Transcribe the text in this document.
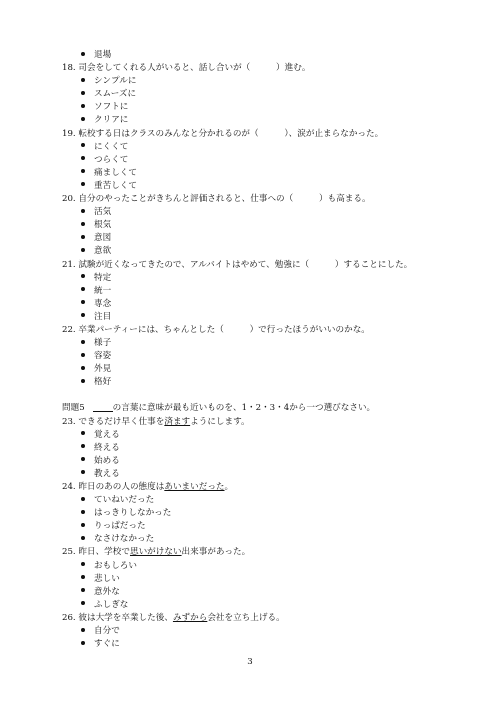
退場
18. 司会をしてくれる人がいると、話し合いが（　　　）進む。
シンプルに
スムーズに
ソフトに
クリアに
19. 転校する日はクラスのみんなと分かれるのが（　　　）、涙が止まらなかった。
にくくて
つらくて
痛ましくて
重苦しくて
20. 自分のやったことがきちんと評価されると、仕事への（　　　）も高まる。
活気
根気
意図
意欲
21. 試験が近くなってきたので、アルバイトはやめて、勉強に（　　　）することにした。
特定
統一
専念
注目
22. 卒業パーティーには、ちゃんとした（　　　）で行ったほうがいいのかな。
様子
容姿
外見
格好
問題5	の言葉に意味が最も近いものを、1・2・3・4から一つ選びなさい。
23. できるだけ早く仕事を済ますようにします。
覚える
終える
始める
教える
24. 昨日のあの人の態度はあいまいだった。
ていねいだった
はっきりしなかった
りっぱだった
なさけなかった
25. 昨日、学校で思いがけない出来事があった。
おもしろい
悲しい
意外な
ふしぎな
26. 彼は大学を卒業した後、みずから会社を立ち上げる。
自分で
すぐに
3
